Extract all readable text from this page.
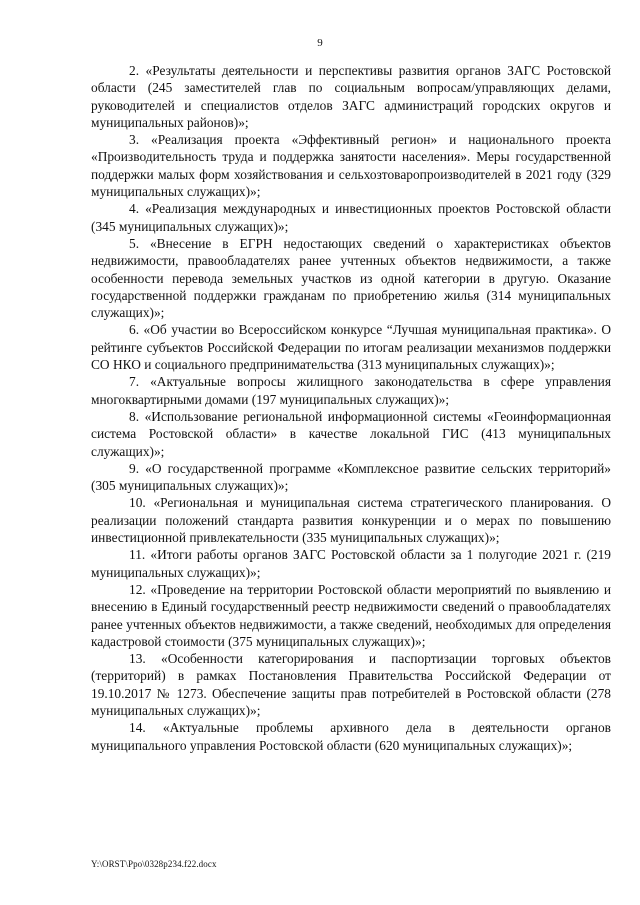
9

2. «Результаты деятельности и перспективы развития органов ЗАГС Ростовской области (245 заместителей глав по социальным вопросам/управляющих делами, руководителей и специалистов отделов ЗАГС администраций городских округов и муниципальных районов)»;

3. «Реализация проекта «Эффективный регион» и национального проекта «Производительность труда и поддержка занятости населения». Меры государственной поддержки малых форм хозяйствования и сельхозтоваропроизводителей в 2021 году (329 муниципальных служащих)»;

4. «Реализация международных и инвестиционных проектов Ростовской области (345 муниципальных служащих)»;

5. «Внесение в ЕГРН недостающих сведений о характеристиках объектов недвижимости, правообладателях ранее учтенных объектов недвижимости, а также особенности перевода земельных участков из одной категории в другую. Оказание государственной поддержки гражданам по приобретению жилья (314 муниципальных служащих)»;

6. «Об участии во Всероссийском конкурсе “Лучшая муниципальная практика». О рейтинге субъектов Российской Федерации по итогам реализации механизмов поддержки СО НКО и социального предпринимательства (313 муниципальных служащих)»;

7. «Актуальные вопросы жилищного законодательства в сфере управления многоквартирными домами (197 муниципальных служащих)»;

8. «Использование региональной информационной системы «Геоинформационная система Ростовской области» в качестве локальной ГИС (413 муниципальных служащих)»;

9. «О государственной программе «Комплексное развитие сельских территорий» (305 муниципальных служащих)»;

10. «Региональная и муниципальная система стратегического планирования. О реализации положений стандарта развития конкуренции и о мерах по повышению инвестиционной привлекательности (335 муниципальных служащих)»;

11. «Итоги работы органов ЗАГС Ростовской области за 1 полугодие 2021 г. (219 муниципальных служащих)»;

12. «Проведение на территории Ростовской области мероприятий по выявлению и внесению в Единый государственный реестр недвижимости сведений о правообладателях ранее учтенных объектов недвижимости, а также сведений, необходимых для определения кадастровой стоимости (375 муниципальных служащих)»;

13. «Особенности категорирования и паспортизации торговых объектов (территорий) в рамках Постановления Правительства Российской Федерации от 19.10.2017 № 1273. Обеспечение защиты прав потребителей в Ростовской области (278 муниципальных служащих)»;

14. «Актуальные проблемы архивного дела в деятельности органов муниципального управления Ростовской области (620 муниципальных служащих)»;

Y:\ORST\Ppo\0328p234.f22.docx
